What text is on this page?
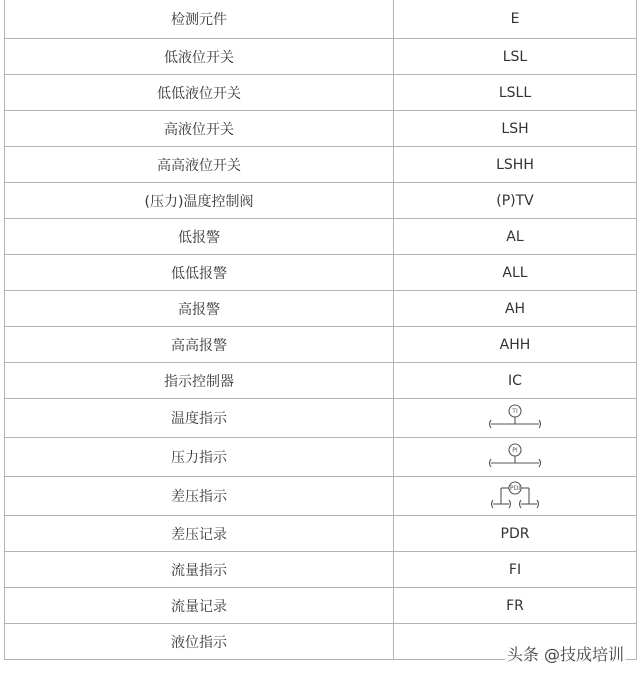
检测元件	E
低液位开关	LSL
低低液位开关	LSLL
高液位开关	LSH
高高液位开关	LSHH
(压力)温度控制阀	(P)TV
低报警	AL
低低报警	ALL
高报警	AH
高高报警	AHH
指示控制器	IC
温度指示	TI

压力指示	PI

差压指示	PDI

差压记录	PDR
流量指示	FI
流量记录	FR
液位指示	
头条 @技成培训
